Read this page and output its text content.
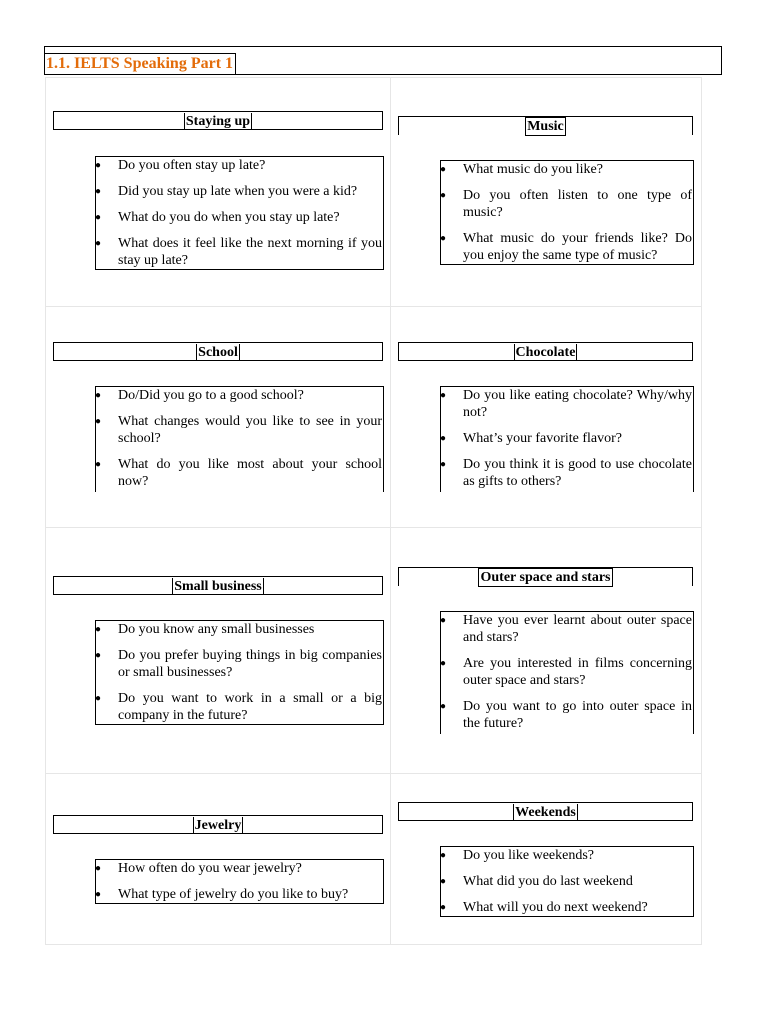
1.1. IELTS Speaking Part 1
Staying up
● Do you often stay up late?
● Did you stay up late when you were a kid?
● What do you do when you stay up late?
● What does it feel like the next morning if you stay up late?
Music
● What music do you like?
● Do you often listen to one type of music?
● What music do your friends like? Do you enjoy the same type of music?
School
● Do/Did you go to a good school?
● What changes would you like to see in your school?
● What do you like most about your school now?
Chocolate
● Do you like eating chocolate? Why/why not?
● What’s your favorite flavor?
● Do you think it is good to use chocolate as gifts to others?
Small business
● Do you know any small businesses
● Do you prefer buying things in big companies or small businesses?
● Do you want to work in a small or a big company in the future?
Outer space and stars
● Have you ever learnt about outer space and stars?
● Are you interested in films concerning outer space and stars?
● Do you want to go into outer space in the future?
Jewelry
● How often do you wear jewelry?
● What type of jewelry do you like to buy?
Weekends
● Do you like weekends?
● What did you do last weekend
● What will you do next weekend?
